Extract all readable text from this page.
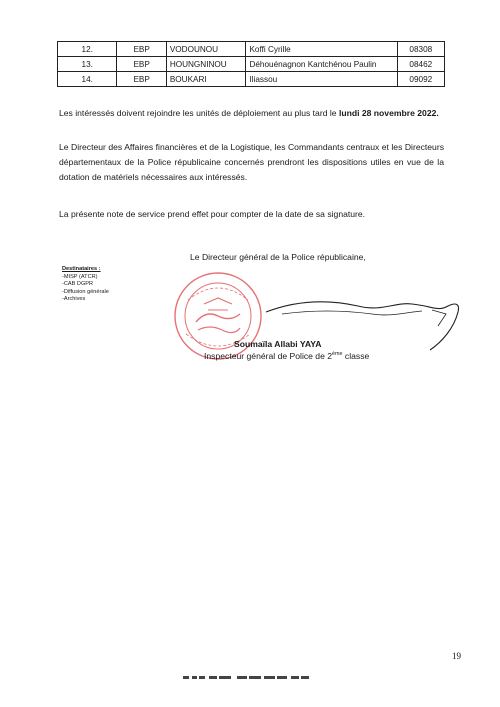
12.	EBP	VODOUNOU	Koffi Cyrille	08308
13.	EBP	HOUNGNINOU	Déhouénagnon Kantchénou Paulin	08462
14.	EBP	BOUKARI	Iliassou	09092

Les intéressés doivent rejoindre les unités de déploiement au plus tard le lundi 28 novembre 2022.

Le Directeur des Affaires financières et de la Logistique, les Commandants centraux et les Directeurs départementaux de la Police républicaine concernés prendront les dispositions utiles en vue de la dotation de matériels nécessaires aux intéressés.

La présente note de service prend effet pour compter de la date de sa signature.

Le Directeur général de la Police républicaine,
Destinataires :
-MISP (ATCR)
-CAB DGPR
-Diffusion générale
-Archives
Soumaïla Allabi YAYA
Inspecteur général de Police de 2ème classe
19
